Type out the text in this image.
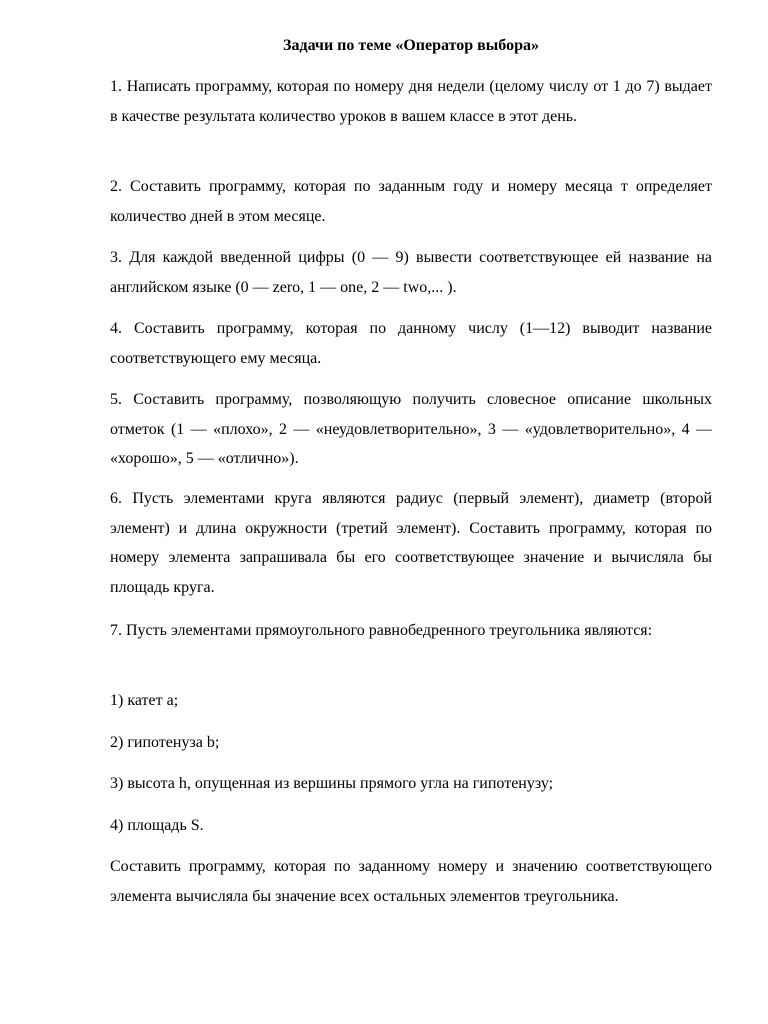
Задачи по теме «Оператор выбора»

1. Написать программу, которая по номеру дня недели (целому числу от 1 до 7) выдает в качестве результата количество уроков в вашем классе в этот день.

2. Составить программу, которая по заданным году и номеру месяца т определяет количество дней в этом месяце.

3. Для каждой введенной цифры (0 — 9) вывести соответствующее ей название на английском языке (0 — zero, 1 — one, 2 — two,... ).

4. Составить программу, которая по данному числу (1—12) выводит название соответствующего ему месяца.

5. Составить программу, позволяющую получить словесное описание школьных отметок (1 — «плохо», 2 — «неудовлетворительно», 3 — «удовлетворительно», 4 — «хорошо», 5 — «отлично»).

6. Пусть элементами круга являются радиус (первый элемент), диаметр (второй элемент) и длина окружности (третий элемент). Составить программу, которая по номеру элемента запрашивала бы его соответствующее значение и вычисляла бы площадь круга.

7. Пусть элементами прямоугольного равнобедренного треугольника являются:

1) катет a;

2) гипотенуза b;

3) высота h, опущенная из вершины прямого угла на гипотенузу;

4) площадь S.

Составить программу, которая по заданному номеру и значению соответствующего элемента вычисляла бы значение всех остальных элементов треугольника.
